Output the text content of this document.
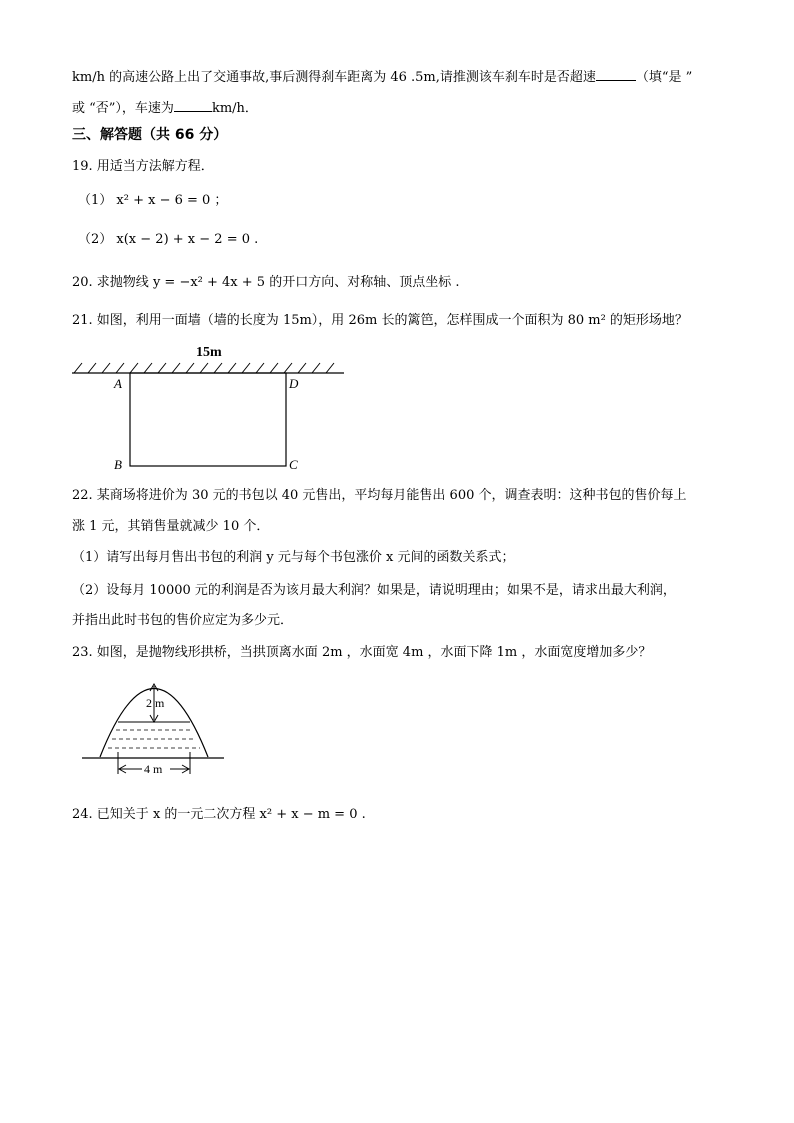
km/h 的高速公路上出了交通事故,事后测得刹车距离为 46 .5m,请推测该车刹车时是否超速	（填“是 ”
或 “否”），车速为	km/h．
三、解答题（共 66 分）
19. 用适当方法解方程．
（1） x² + x − 6 = 0 ；
（2） x(x − 2) + x − 2 = 0 .
20. 求抛物线 y = −x² + 4x + 5 的开口方向、对称轴、顶点坐标 .
21. 如图，利用一面墙（墙的长度为 15m），用 26m 长的篱笆，怎样围成一个面积为 80 m² 的矩形场地？
15m
A	D
B	C
22. 某商场将进价为 30 元的书包以 40 元售出，平均每月能售出 600 个，调查表明：这种书包的售价每上
涨 1 元，其销售量就减少 10 个．
（1）请写出每月售出书包的利润 y 元与每个书包涨价 x 元间的函数关系式；
（2）设每月 10000 元的利润是否为该月最大利润？如果是，请说明理由；如果不是，请求出最大利润，
并指出此时书包的售价应定为多少元．
23. 如图，是抛物线形拱桥，当拱顶离水面 2m ，水面宽 4m ，水面下降 1m ，水面宽度增加多少？
2 m
4 m
24. 已知关于 x 的一元二次方程 x² + x − m = 0 .
